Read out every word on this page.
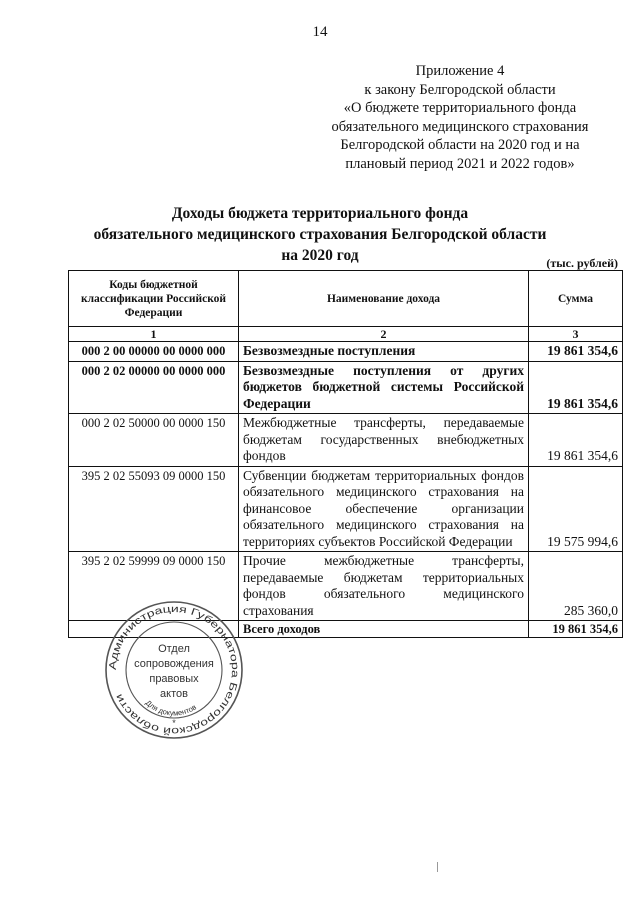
14
Приложение 4
к закону Белгородской области
«О бюджете территориального фонда
обязательного медицинского страхования
Белгородской области на 2020 год и на
плановый период 2021 и 2022 годов»
Доходы бюджета территориального фонда
обязательного медицинского страхования Белгородской области
на 2020 год	(тыс. рублей)
Коды бюджетной классификации Российской Федерации	Наименование дохода	Сумма
1	2	3
000 2 00 00000 00 0000 000	Безвозмездные поступления	19 861 354,6
000 2 02 00000 00 0000 000	Безвозмездные поступления от других бюджетов бюджетной системы Российской Федерации	19 861 354,6
000 2 02 50000 00 0000 150	Межбюджетные трансферты, передаваемые бюджетам государственных внебюджетных фондов	19 861 354,6
395 2 02 55093 09 0000 150	Субвенции бюджетам территориальных фондов обязательного медицинского страхования на финансовое обеспечение организации обязательного медицинского страхования на территориях субъектов Российской Федерации	19 575 994,6
395 2 02 59999 09 0000 150	Прочие межбюджетные трансферты, передаваемые бюджетам территориальных фондов обязательного медицинского страхования	285 360,0
	Всего доходов	19 861 354,6
Администрация Губернатора Белгородской области
Отдел
сопровождения
правовых
актов
Для документов
*
